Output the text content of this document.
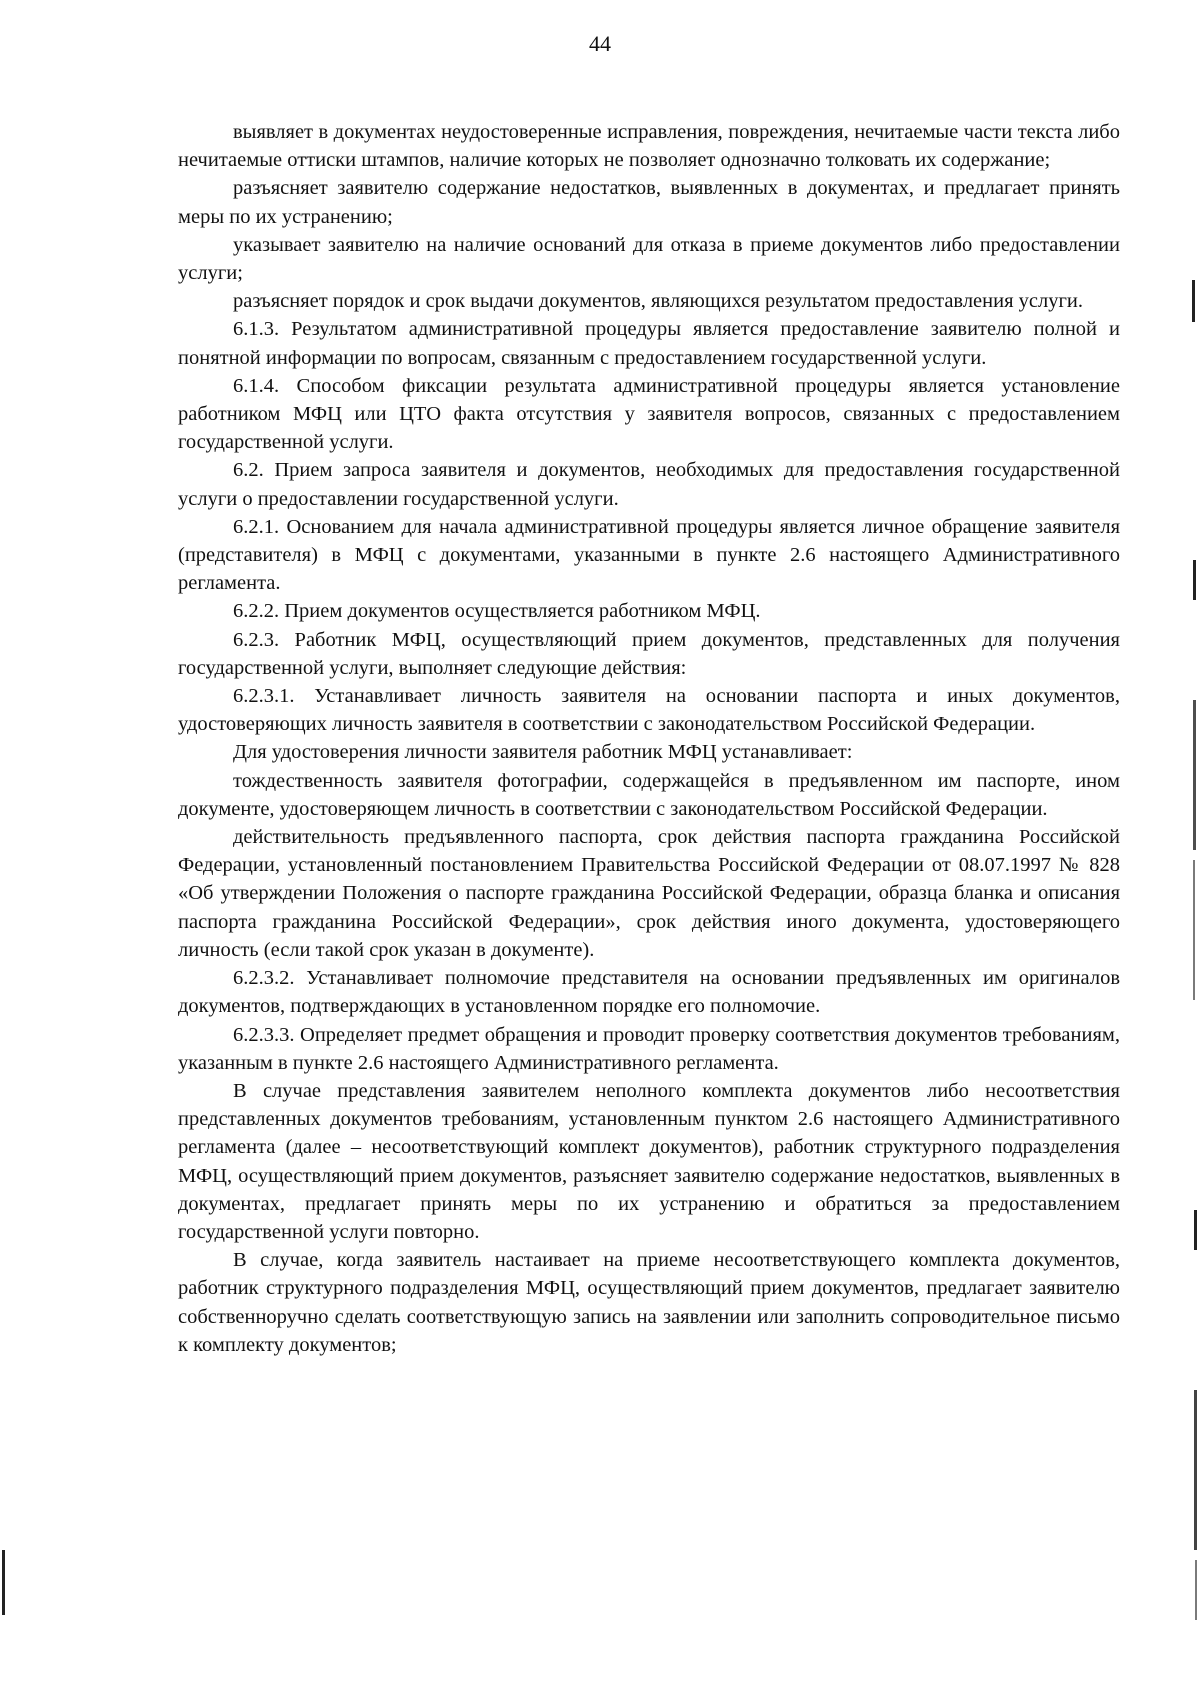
44

выявляет в документах неудостоверенные исправления, повреждения, нечитаемые части текста либо нечитаемые оттиски штампов, наличие которых не позволяет однозначно толковать их содержание;

разъясняет заявителю содержание недостатков, выявленных в документах, и предлагает принять меры по их устранению;

указывает заявителю на наличие оснований для отказа в приеме документов либо предоставлении услуги;

разъясняет порядок и срок выдачи документов, являющихся результатом предоставления услуги.

6.1.3. Результатом административной процедуры является предоставление заявителю полной и понятной информации по вопросам, связанным с предоставлением государственной услуги.

6.1.4. Способом фиксации результата административной процедуры является установление работником МФЦ или ЦТО факта отсутствия у заявителя вопросов, связанных с предоставлением государственной услуги.

6.2. Прием запроса заявителя и документов, необходимых для предоставления государственной услуги о предоставлении государственной услуги.

6.2.1. Основанием для начала административной процедуры является личное обращение заявителя (представителя) в МФЦ с документами, указанными в пункте 2.6 настоящего Административного регламента.

6.2.2. Прием документов осуществляется работником МФЦ.

6.2.3. Работник МФЦ, осуществляющий прием документов, представленных для получения государственной услуги, выполняет следующие действия:

6.2.3.1. Устанавливает личность заявителя на основании паспорта и иных документов, удостоверяющих личность заявителя в соответствии с законодательством Российской Федерации.

Для удостоверения личности заявителя работник МФЦ устанавливает:

тождественность заявителя фотографии, содержащейся в предъявленном им паспорте, ином документе, удостоверяющем личность в соответствии с законодательством Российской Федерации.

действительность предъявленного паспорта, срок действия паспорта гражданина Российской Федерации, установленный постановлением Правительства Российской Федерации от 08.07.1997 № 828 «Об утверждении Положения о паспорте гражданина Российской Федерации, образца бланка и описания паспорта гражданина Российской Федерации», срок действия иного документа, удостоверяющего личность (если такой срок указан в документе).

6.2.3.2. Устанавливает полномочие представителя на основании предъявленных им оригиналов документов, подтверждающих в установленном порядке его полномочие.

6.2.3.3. Определяет предмет обращения и проводит проверку соответствия документов требованиям, указанным в пункте 2.6 настоящего Административного регламента.

В случае представления заявителем неполного комплекта документов либо несоответствия представленных документов требованиям, установленным пунктом 2.6 настоящего Административного регламента (далее – несоответствующий комплект документов), работник структурного подразделения МФЦ, осуществляющий прием документов, разъясняет заявителю содержание недостатков, выявленных в документах, предлагает принять меры по их устранению и обратиться за предоставлением государственной услуги повторно.

В случае, когда заявитель настаивает на приеме несоответствующего комплекта документов, работник структурного подразделения МФЦ, осуществляющий прием документов, предлагает заявителю собственноручно сделать соответствующую запись на заявлении или заполнить сопроводительное письмо к комплекту документов;
